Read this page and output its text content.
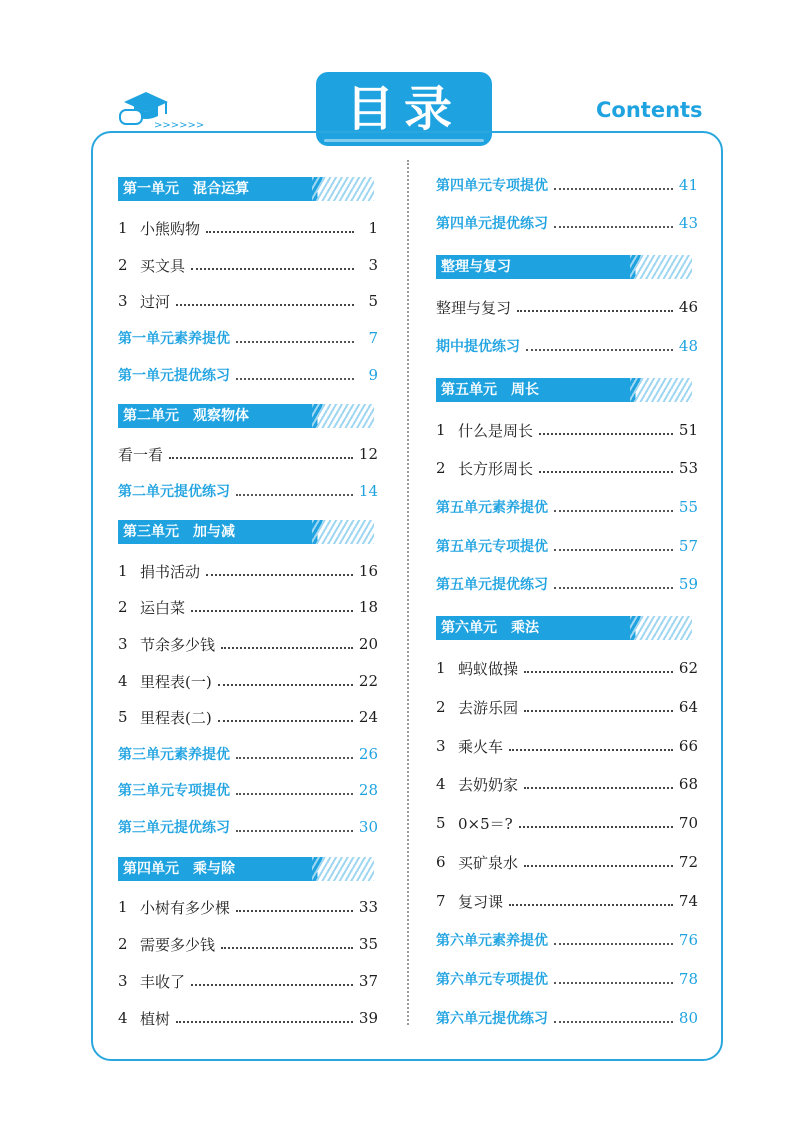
>>>>>>	目录	Contents
第一单元　混合运算
1 小熊购物	1
2 买文具	3
3 过河	5
第一单元素养提优	7
第一单元提优练习	9
第二单元　观察物体
看一看	12
第二单元提优练习	14
第三单元　加与减
1 捐书活动	16
2 运白菜	18
3 节余多少钱	20
4 里程表(一)	22
5 里程表(二)	24
第三单元素养提优	26
第三单元专项提优	28
第三单元提优练习	30
第四单元　乘与除
1 小树有多少棵	33
2 需要多少钱	35
3 丰收了	37
4 植树	39
第四单元专项提优	41
第四单元提优练习	43
整理与复习
整理与复习	46
期中提优练习	48
第五单元　周长
1 什么是周长	51
2 长方形周长	53
第五单元素养提优	55
第五单元专项提优	57
第五单元提优练习	59
第六单元　乘法
1 蚂蚁做操	62
2 去游乐园	64
3 乘火车	66
4 去奶奶家	68
5 0×5＝?	70
6 买矿泉水	72
7 复习课	74
第六单元素养提优	76
第六单元专项提优	78
第六单元提优练习	80
